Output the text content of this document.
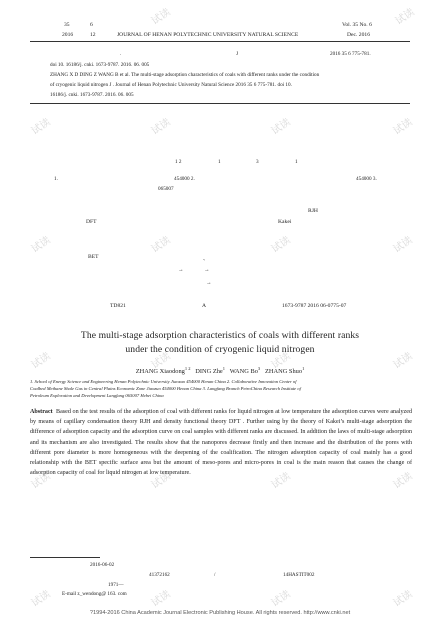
35	6
2016	12	JOURNAL OF HENAN POLYTECHNIC UNIVERSITY NATURAL SCIENCE
Vol. 35 No. 6
Dec. 2016
.	J	2016 35 6 775-781.
doi 10. 16186/j. cnki. 1673-9787. 2016. 06. 005
ZHANG X D DING Z WANG B et al. The multi-stage adsorption characteristics of coals with different ranks under the condition
of cryogenic liquid nitrogen J . Journal of Henan Polytechnic University Natural Science 2016 35 6 775-781. doi 10.
16186/j. cnki. 1673-9787. 2016. 06. 005
1 2	1	3	1
1.	454000 2.	454000 3.
065007
RJH
DFT	Kakei
BET	、
→	→
→
TD821	A	1673-9787 2016 06-0775-07
试读	试读
试读	试读	试读	试读
试读	试读	试读	试读
试读	试读	试读	试读
试读	试读	试读	试读
试读	试读	试读	试读
The multi-stage adsorption characteristics of coals with different ranks
under the condition of cryogenic liquid nitrogen
ZHANG Xiaodong$^{1 2}$ DING Zhe$^1$ WANG Bo$^3$ ZHANG Shuo$^1$
1. School of Energy Science and Engineering Henan Polytechnic University Jiaozuo 454000 Henan China 2. Collaborative Innovation Center of
Coalbed Methane Shale Gas in Central Plains Economic Zone Jiaozuo 454000 Henan China 3. Langfang Branch PetroChina Research Institute of
Petroleum Exploration and Development Langfang 065007 Hebei China
Abstract Based on the test results of the adsorption of coal with different ranks for liquid nitrogen at low temperature the adsorption curves were analyzed by means of capillary condensation theory RJH and density functional theory DFT . Further using by the theory of Kakei’s multi-stage adsorption the difference of adsorption capacity and the adsorption curve on coal samples with different ranks are discussed. In addition the laws of multi-stage adsorption and its mechanism are also investigated. The results show that the nanopores decrease firstly and then increase and the distribution of the pores with different pore diameter is more homogeneous with the deepening of the coalification. The nitrogen adsorption capacity of coal mainly has a good relationship with the BET specific surface area but the amount of meso-pores and micro-pores in coal is the main reason that causes the change of adsorption capacity of coal for liquid nitrogen at low temperature.
2016-06-02
41372162	/	14HASTIT002
1971—
E-mail z_wendong@ 163. com
?1994-2016 China Academic Journal Electronic Publishing House. All rights reserved. http://www.cnki.net
